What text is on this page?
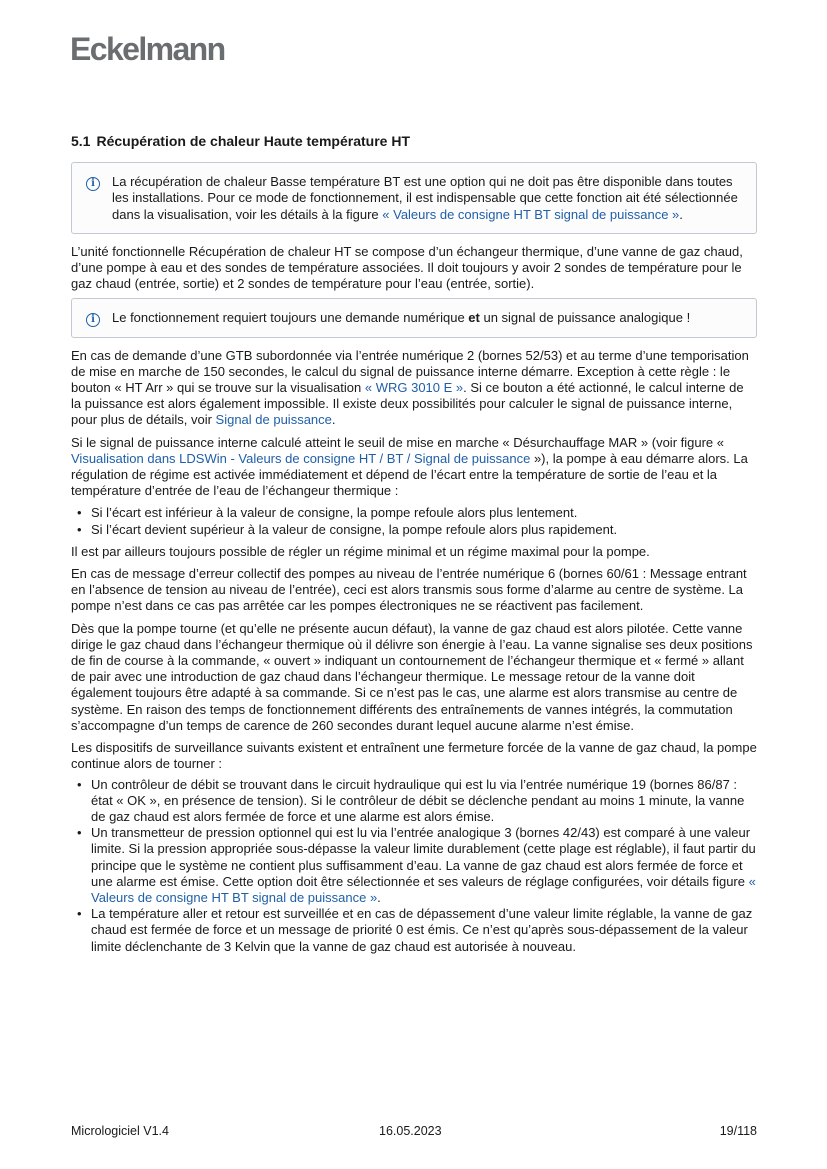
Eckelmann
5.1 Récupération de chaleur Haute température HT
i	La récupération de chaleur Basse température BT est une option qui ne doit pas être disponible dans toutes les installations. Pour ce mode de fonctionnement, il est indispensable que cette fonction ait été sélectionnée dans la visualisation, voir les détails à la figure « Valeurs de consigne HT BT signal de puissance ».

L’unité fonctionnelle Récupération de chaleur HT se compose d’un échangeur thermique, d’une vanne de gaz chaud, d’une pompe à eau et des sondes de température associées. Il doit toujours y avoir 2 sondes de température pour le gaz chaud (entrée, sortie) et 2 sondes de température pour l’eau (entrée, sortie).

i	Le fonctionnement requiert toujours une demande numérique et un signal de puissance analogique !

En cas de demande d’une GTB subordonnée via l’entrée numérique 2 (bornes 52/53) et au terme d’une temporisation de mise en marche de 150 secondes, le calcul du signal de puissance interne démarre. Exception à cette règle : le bouton « HT Arr » qui se trouve sur la visualisation « WRG 3010 E ». Si ce bouton a été actionné, le calcul interne de la puissance est alors également impossible. Il existe deux possibilités pour calculer le signal de puissance interne, pour plus de détails, voir Signal de puissance.

Si le signal de puissance interne calculé atteint le seuil de mise en marche « Désurchauffage MAR » (voir figure « Visualisation dans LDSWin - Valeurs de consigne HT / BT / Signal de puissance »), la pompe à eau démarre alors. La régulation de régime est activée immédiatement et dépend de l’écart entre la température de sortie de l’eau et la température d’entrée de l’eau de l’échangeur thermique :

• Si l’écart est inférieur à la valeur de consigne, la pompe refoule alors plus lentement.
• Si l’écart devient supérieur à la valeur de consigne, la pompe refoule alors plus rapidement.

Il est par ailleurs toujours possible de régler un régime minimal et un régime maximal pour la pompe.

En cas de message d’erreur collectif des pompes au niveau de l’entrée numérique 6 (bornes 60/61 : Message entrant en l’absence de tension au niveau de l’entrée), ceci est alors transmis sous forme d’alarme au centre de système. La pompe n’est dans ce cas pas arrêtée car les pompes électroniques ne se réactivent pas facilement.

Dès que la pompe tourne (et qu’elle ne présente aucun défaut), la vanne de gaz chaud est alors pilotée. Cette vanne dirige le gaz chaud dans l’échangeur thermique où il délivre son énergie à l’eau. La vanne signalise ses deux positions de fin de course à la commande, « ouvert » indiquant un contournement de l’échangeur thermique et « fermé » allant de pair avec une introduction de gaz chaud dans l’échangeur thermique. Le message retour de la vanne doit également toujours être adapté à sa commande. Si ce n’est pas le cas, une alarme est alors transmise au centre de système. En raison des temps de fonctionnement différents des entraînements de vannes intégrés, la commutation s’accompagne d’un temps de carence de 260 secondes durant lequel aucune alarme n’est émise.

Les dispositifs de surveillance suivants existent et entraînent une fermeture forcée de la vanne de gaz chaud, la pompe continue alors de tourner :

• Un contrôleur de débit se trouvant dans le circuit hydraulique qui est lu via l’entrée numérique 19 (bornes 86/87 : état « OK », en présence de tension). Si le contrôleur de débit se déclenche pendant au moins 1 minute, la vanne de gaz chaud est alors fermée de force et une alarme est alors émise.
• Un transmetteur de pression optionnel qui est lu via l’entrée analogique 3 (bornes 42/43) est comparé à une valeur limite. Si la pression appropriée sous-dépasse la valeur limite durablement (cette plage est réglable), il faut partir du principe que le système ne contient plus suffisamment d’eau. La vanne de gaz chaud est alors fermée de force et une alarme est émise. Cette option doit être sélectionnée et ses valeurs de réglage configurées, voir détails figure « Valeurs de consigne HT BT signal de puissance ».
• La température aller et retour est surveillée et en cas de dépassement d’une valeur limite réglable, la vanne de gaz chaud est fermée de force et un message de priorité 0 est émis. Ce n’est qu’après sous-dépassement de la valeur limite déclenchante de 3 Kelvin que la vanne de gaz chaud est autorisée à nouveau.
Micrologiciel V1.4	16.05.2023	19/118
